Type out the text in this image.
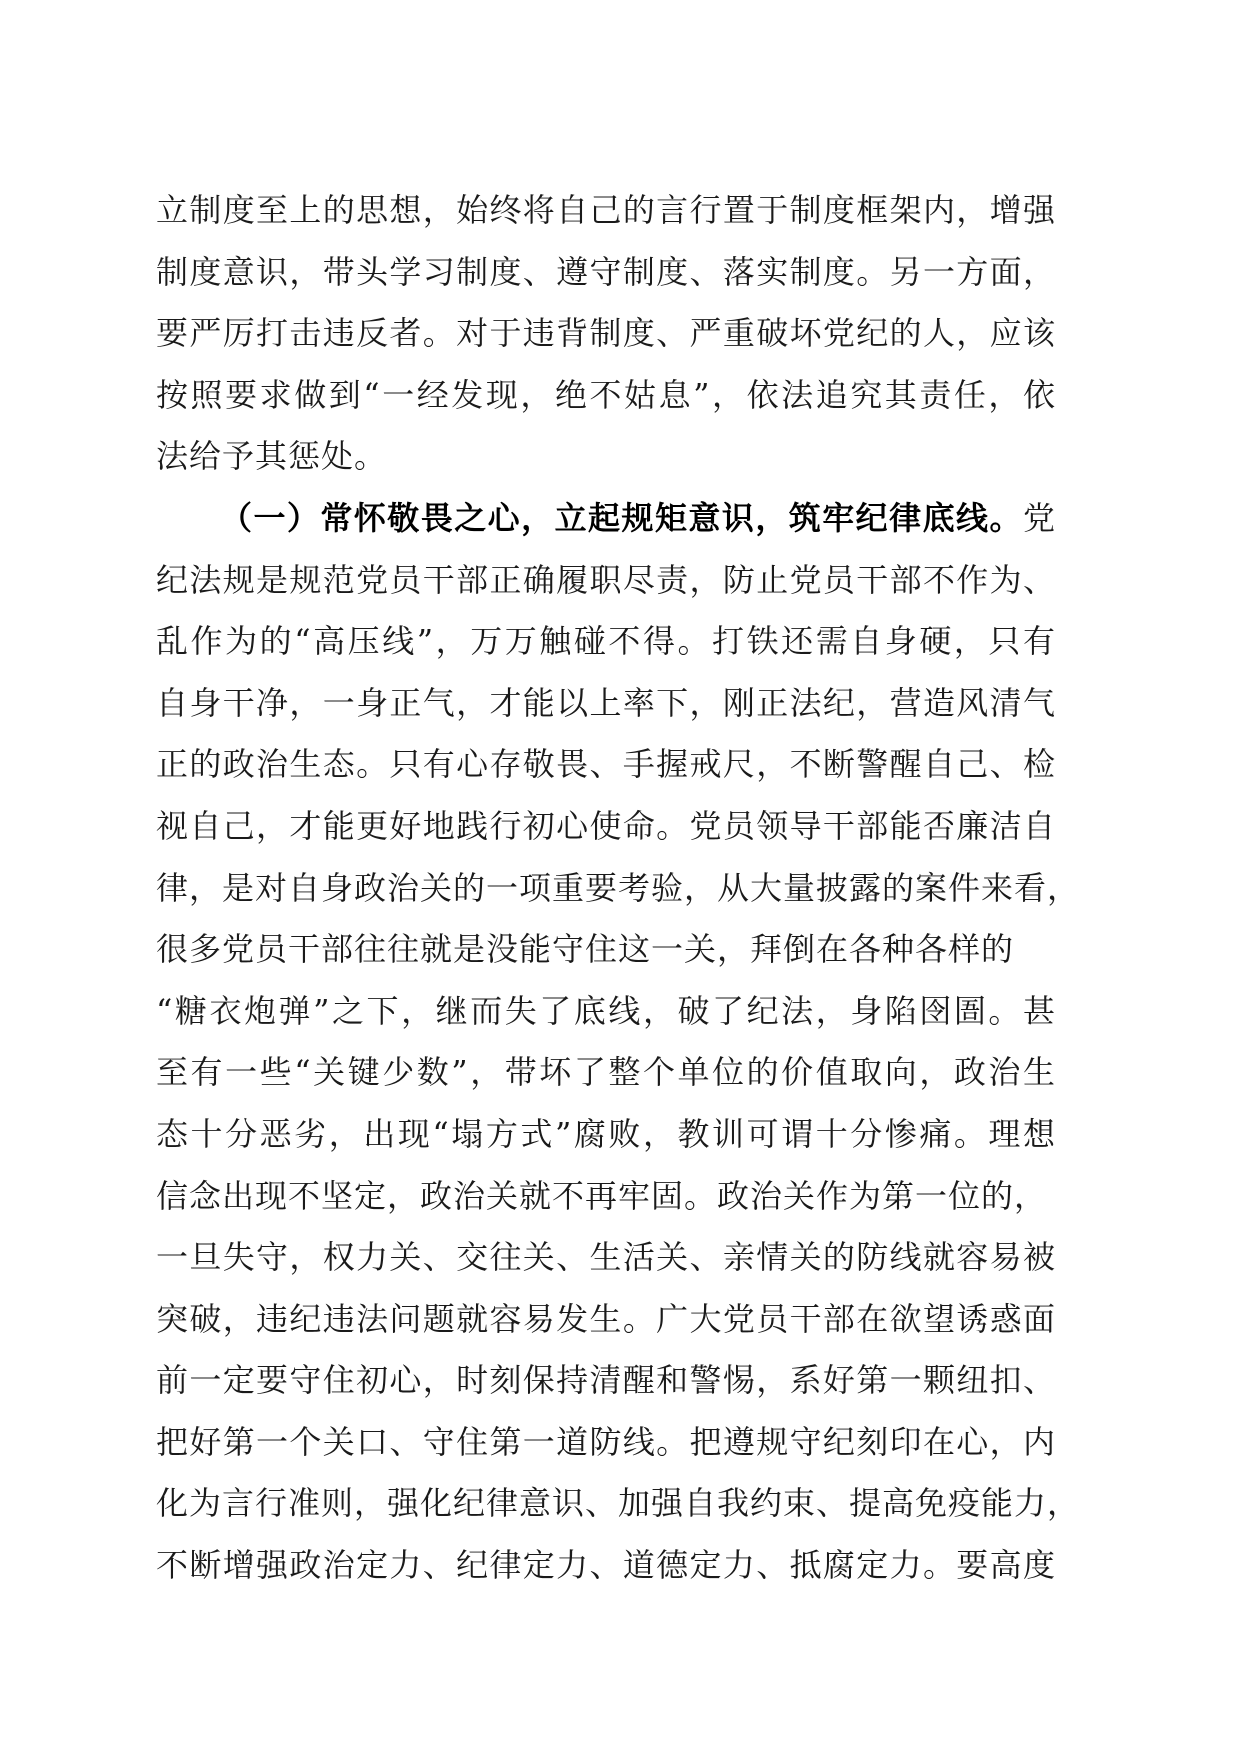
立制度至上的思想，始终将自己的言行置于制度框架内，增强
制度意识，带头学习制度、遵守制度、落实制度。另一方面，
要严厉打击违反者。对于违背制度、严重破坏党纪的人，应该
按照要求做到“一经发现，绝不姑息”，依法追究其责任，依
法给予其惩处。
（一）常怀敬畏之心，立起规矩意识，筑牢纪律底线。党
纪法规是规范党员干部正确履职尽责，防止党员干部不作为、
乱作为的“高压线”，万万触碰不得。打铁还需自身硬，只有
自身干净，一身正气，才能以上率下，刚正法纪，营造风清气
正的政治生态。只有心存敬畏、手握戒尺，不断警醒自己、检
视自己，才能更好地践行初心使命。党员领导干部能否廉洁自
律，是对自身政治关的一项重要考验，从大量披露的案件来看，
很多党员干部往往就是没能守住这一关，拜倒在各种各样的
“糖衣炮弹”之下，继而失了底线，破了纪法，身陷囹圄。甚
至有一些“关键少数”，带坏了整个单位的价值取向，政治生
态十分恶劣，出现“塌方式”腐败，教训可谓十分惨痛。理想
信念出现不坚定，政治关就不再牢固。政治关作为第一位的，
一旦失守，权力关、交往关、生活关、亲情关的防线就容易被
突破，违纪违法问题就容易发生。广大党员干部在欲望诱惑面
前一定要守住初心，时刻保持清醒和警惕，系好第一颗纽扣、
把好第一个关口、守住第一道防线。把遵规守纪刻印在心，内
化为言行准则，强化纪律意识、加强自我约束、提高免疫能力，
不断增强政治定力、纪律定力、道德定力、抵腐定力。要高度
